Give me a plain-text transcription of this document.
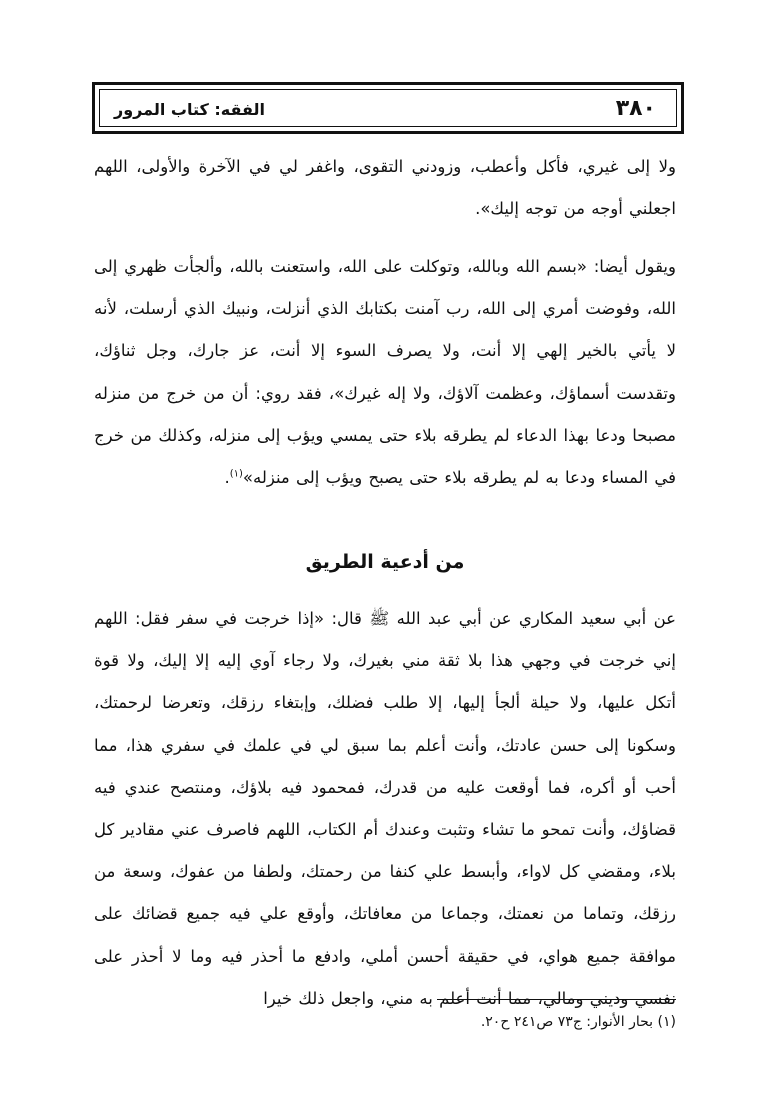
٣٨٠
الفقه: كتاب المرور
ولا إلى غيري، فأكل وأعطب، وزودني التقوى، واغفر لي في الآخرة والأولى، اللهم اجعلني أوجه من توجه إليك».
ويقول أيضا: «بسم الله وبالله، وتوكلت على الله، واستعنت بالله، وألجأت ظهري إلى الله، وفوضت أمري إلى الله، رب آمنت بكتابك الذي أنزلت، ونبيك الذي أرسلت، لأنه لا يأتي بالخير إلهي إلا أنت، ولا يصرف السوء إلا أنت، عز جارك، وجل ثناؤك، وتقدست أسماؤك، وعظمت آلاؤك، ولا إله غيرك»، فقد روي: أن من خرج من منزله مصبحا ودعا بهذا الدعاء لم يطرقه بلاء حتى يمسي ويؤب إلى منزله، وكذلك من خرج في المساء ودعا به لم يطرقه بلاء حتى يصبح ويؤب إلى منزله»$^{(١)}$.
من أدعية الطريق
عن أبي سعيد المكاري عن أبي عبد الله ﷺ قال: «إذا خرجت في سفر فقل: اللهم إني خرجت في وجهي هذا بلا ثقة مني بغيرك، ولا رجاء آوي إليه إلا إليك، ولا قوة أتكل عليها، ولا حيلة ألجأ إليها، إلا طلب فضلك، وإبتغاء رزقك، وتعرضا لرحمتك، وسكونا إلى حسن عادتك، وأنت أعلم بما سبق لي في علمك في سفري هذا، مما أحب أو أكره، فما أوقعت عليه من قدرك، فمحمود فيه بلاؤك، ومنتصح عندي فيه قضاؤك، وأنت تمحو ما تشاء وتثبت وعندك أم الكتاب، اللهم فاصرف عني مقادير كل بلاء، ومقضي كل لاواء، وأبسط علي كنفا من رحمتك، ولطفا من عفوك، وسعة من رزقك، وتماما من نعمتك، وجماعا من معافاتك، وأوقع علي فيه جميع قضائك على موافقة جميع هواي، في حقيقة أحسن أملي، وادفع ما أحذر فيه وما لا أحذر على نفسي وديني ومالي، مما أنت أعلم به مني، واجعل ذلك خيرا
(١) بحار الأنوار: ج٧٣ ص٢٤١ ح٢٠.
